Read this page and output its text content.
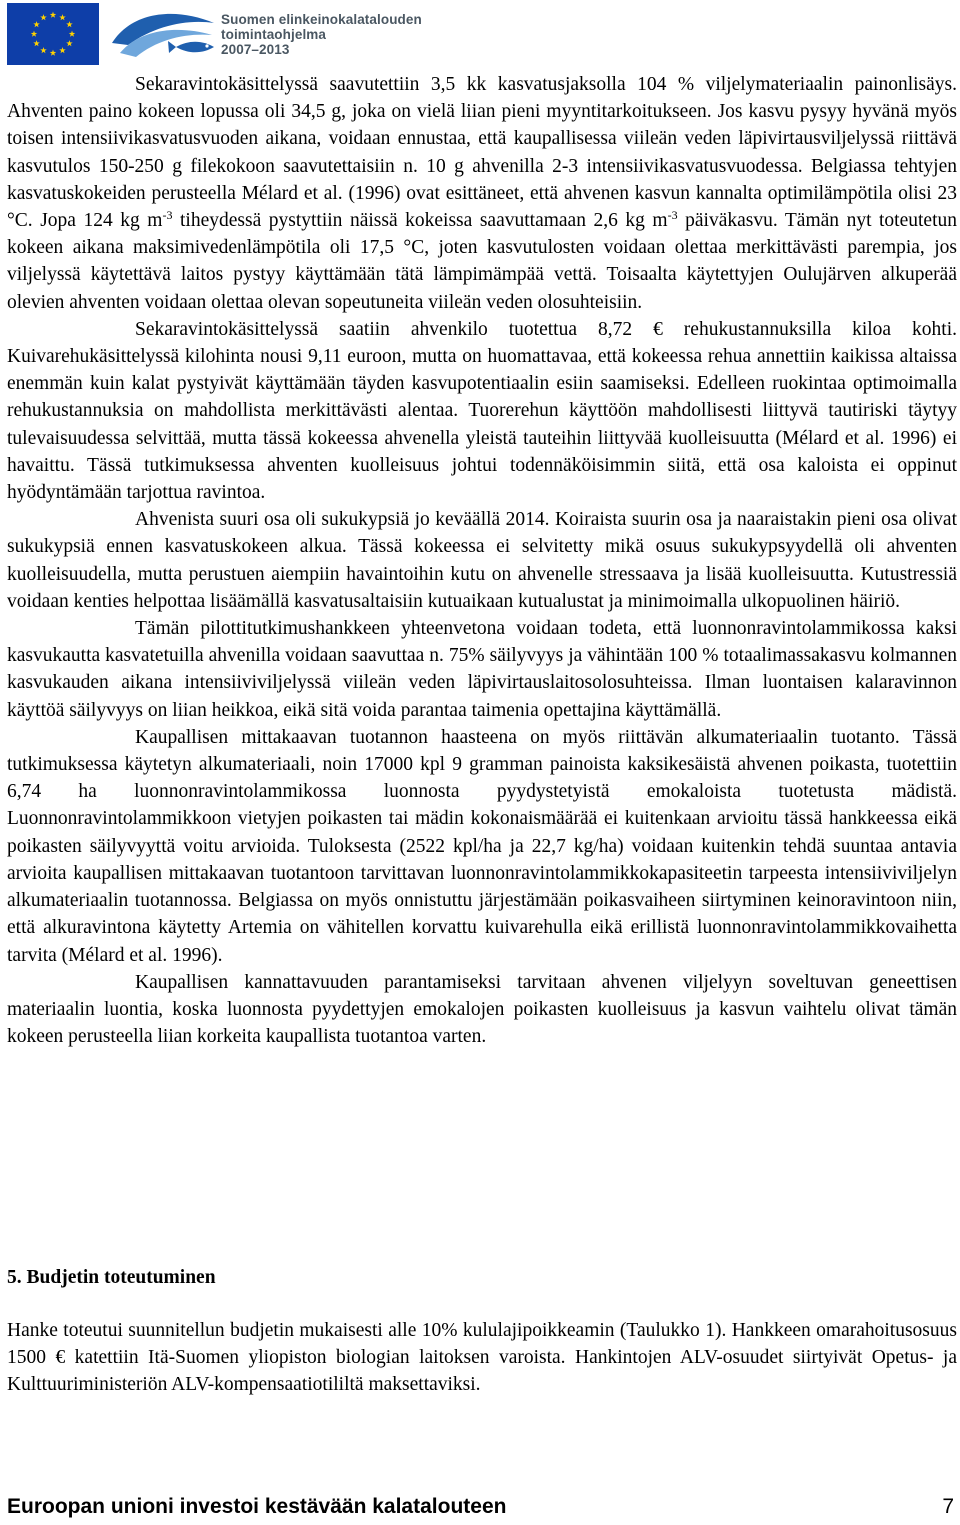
Suomen elinkeinokalatalouden
toimintaohjelma
2007–2013

Sekaravintokäsittelyssä saavutettiin 3,5 kk kasvatusjaksolla 104 % viljelymateriaalin painonlisäys. Ahventen paino kokeen lopussa oli 34,5 g, joka on vielä liian pieni myyntitarkoitukseen. Jos kasvu pysyy hyvänä myös toisen intensiivikasvatusvuoden aikana, voidaan ennustaa, että kaupallisessa viileän veden läpivirtausviljelyssä riittävä kasvutulos 150-250 g filekokoon saavutettaisiin n. 10 g ahvenilla 2-3 intensiivikasvatusvuodessa. Belgiassa tehtyjen kasvatuskokeiden perusteella Mélard et al. (1996) ovat esittäneet, että ahvenen kasvun kannalta optimilämpötila olisi 23 °C. Jopa 124 kg $m^{-3}$ tiheydessä pystyttiin näissä kokeissa saavuttamaan 2,6 kg $m^{-3}$ päiväkasvu. Tämän nyt toteutetun kokeen aikana maksimivedenlämpötila oli 17,5 °C, joten kasvutulosten voidaan olettaa merkittävästi parempia, jos viljelyssä käytettävä laitos pystyy käyttämään tätä lämpimämpää vettä. Toisaalta käytettyjen Oulujärven alkuperää olevien ahventen voidaan olettaa olevan sopeutuneita viileän veden olosuhteisiin.

Sekaravintokäsittelyssä saatiin ahvenkilo tuotettua 8,72 € rehukustannuksilla kiloa kohti. Kuivarehukäsittelyssä kilohinta nousi 9,11 euroon, mutta on huomattavaa, että kokeessa rehua annettiin kaikissa altaissa enemmän kuin kalat pystyivät käyttämään täyden kasvupotentiaalin esiin saamiseksi. Edelleen ruokintaa optimoimalla rehukustannuksia on mahdollista merkittävästi alentaa. Tuorerehun käyttöön mahdollisesti liittyvä tautiriski täytyy tulevaisuudessa selvittää, mutta tässä kokeessa ahvenella yleistä tauteihin liittyvää kuolleisuutta (Mélard et al. 1996) ei havaittu. Tässä tutkimuksessa ahventen kuolleisuus johtui todennäköisimmin siitä, että osa kaloista ei oppinut hyödyntämään tarjottua ravintoa.

Ahvenista suuri osa oli sukukypsiä jo keväällä 2014. Koiraista suurin osa ja naaraistakin pieni osa olivat sukukypsiä ennen kasvatuskokeen alkua. Tässä kokeessa ei selvitetty mikä osuus sukukypsyydellä oli ahventen kuolleisuudella, mutta perustuen aiempiin havaintoihin kutu on ahvenelle stressaava ja lisää kuolleisuutta. Kutustressiä voidaan kenties helpottaa lisäämällä kasvatusaltaisiin kutuaikaan kutualustat ja minimoimalla ulkopuolinen häiriö.

Tämän pilottitutkimushankkeen yhteenvetona voidaan todeta, että luonnonravintolammikossa kaksi kasvukautta kasvatetuilla ahvenilla voidaan saavuttaa n. 75% säilyvyys ja vähintään 100 % totaalimassakasvu kolmannen kasvukauden aikana intensiiviviljelyssä viileän veden läpivirtauslaitosolosuhteissa. Ilman luontaisen kalaravinnon käyttöä säilyvyys on liian heikkoa, eikä sitä voida parantaa taimenia opettajina käyttämällä.

Kaupallisen mittakaavan tuotannon haasteena on myös riittävän alkumateriaalin tuotanto. Tässä tutkimuksessa käytetyn alkumateriaali, noin 17000 kpl 9 gramman painoista kaksikesäistä ahvenen poikasta, tuotettiin 6,74 ha luonnonravintolammikossa luonnosta pyydystetyistä emokaloista tuotetusta mädistä. Luonnonravintolammikkoon vietyjen poikasten tai mädin kokonaismäärää ei kuitenkaan arvioitu tässä hankkeessa eikä poikasten säilyvyyttä voitu arvioida. Tuloksesta (2522 kpl/ha ja 22,7 kg/ha) voidaan kuitenkin tehdä suuntaa antavia arvioita kaupallisen mittakaavan tuotantoon tarvittavan luonnonravintolammikkokapasiteetin tarpeesta intensiiviviljelyn alkumateriaalin tuotannossa. Belgiassa on myös onnistuttu järjestämään poikasvaiheen siirtyminen keinoravintoon niin, että alkuravintona käytetty Artemia on vähitellen korvattu kuivarehulla eikä erillistä luonnonravintolammikkovaihetta tarvita (Mélard et al. 1996).

Kaupallisen kannattavuuden parantamiseksi tarvitaan ahvenen viljelyyn soveltuvan geneettisen materiaalin luontia, koska luonnosta pyydettyjen emokalojen poikasten kuolleisuus ja kasvun vaihtelu olivat tämän kokeen perusteella liian korkeita kaupallista tuotantoa varten.

5. Budjetin toteutuminen

Hanke toteutui suunnitellun budjetin mukaisesti alle 10% kululajipoikkeamin (Taulukko 1). Hankkeen omarahoitusosuus 1500 € katettiin Itä-Suomen yliopiston biologian laitoksen varoista. Hankintojen ALV-osuudet siirtyivät Opetus- ja Kulttuuriministeriön ALV-kompensaatiotililtä maksettaviksi.

Euroopan unioni investoi kestävään kalatalouteen	7
